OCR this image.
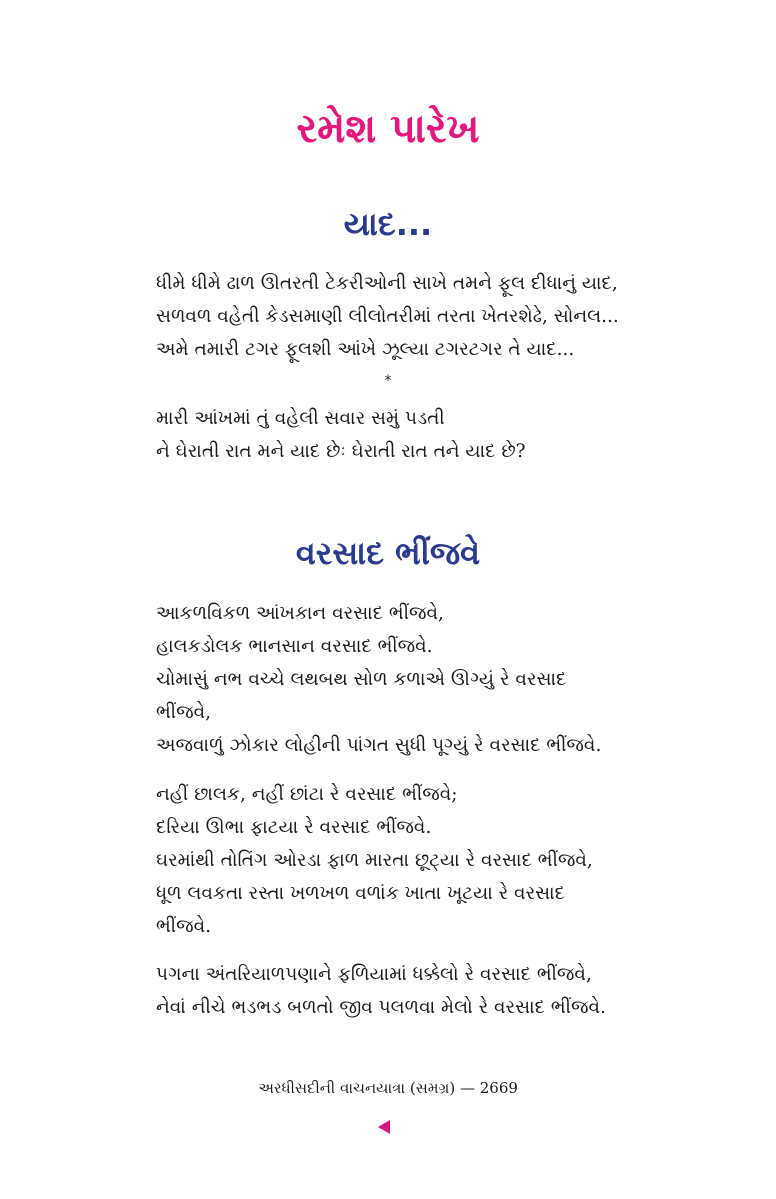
રમેશ પારેખ
યાદ...
ધીમે ધીમે ઢાળ ઊતરતી ટેકરીઓની સાખે તમને ફૂલ દીધાનું યાદ,
સળવળ વહેતી કેડસમાણી લીલોતરીમાં તરતા ખેતરશેઢે, સોનલ...
અમે તમારી ટગર ફૂલશી આંખે ઝૂલ્યા ટગરટગર તે યાદ...
*
મારી આંખમાં તું વહેલી સવાર સમું પડતી
ને ઘેરાતી રાત મને યાદ છેઃ ઘેરાતી રાત તને યાદ છે?
વરસાદ ભીંજવે
આકળવિકળ આંખકાન વરસાદ ભીંજવે,
હાલકડોલક ભાનસાન વરસાદ ભીંજવે.
ચોમાસું નભ વચ્ચે લથબથ સોળ કળાએ ઊગ્યું રે વરસાદ
ભીંજવે,
અજવાળું ઝોકાર લોહીની પાંગત સુધી પૂગ્યું રે વરસાદ ભીંજવે.
નહીં છાલક, નહીં છાંટા રે વરસાદ ભીંજવે;
દરિયા ઊભા ફાટયા રે વરસાદ ભીંજવે.
ઘરમાંથી તોતિંગ ઓરડા ફાળ મારતા છૂટ્યા રે વરસાદ ભીંજવે,
ધૂળ લવકતા રસ્તા ખળખળ વળાંક ખાતા ખૂટયા રે વરસાદ
ભીંજવે.
પગના અંતરિયાળપણાને ફળિયામાં ધક્કેલો રે વરસાદ ભીંજવે,
નેવાં નીચે ભડભડ બળતો જીવ પલળવા મેલો રે વરસાદ ભીંજવે.
અરધીસદીની વાચનયાત્રા (સમગ્ર) — 2669
